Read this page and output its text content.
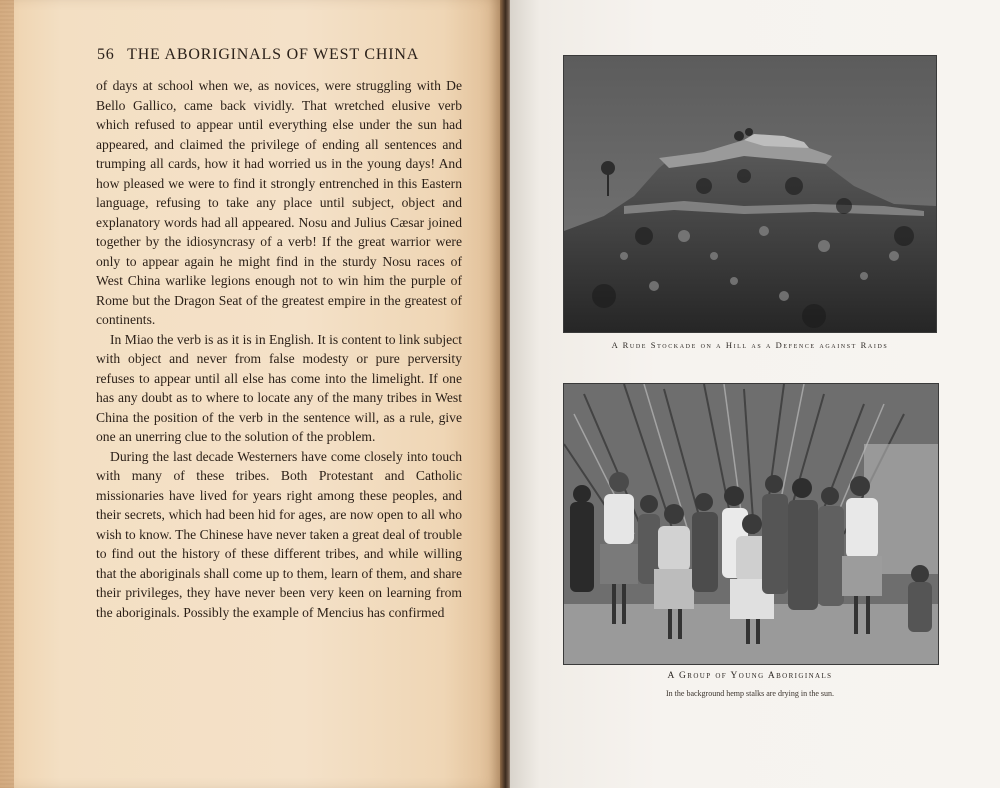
56 THE ABORIGINALS OF WEST CHINA

of days at school when we, as novices, were struggling with De Bello Gallico, came back vividly. That wretched elusive verb which refused to appear until everything else under the sun had appeared, and claimed the privilege of ending all sentences and trumping all cards, how it had worried us in the young days! And how pleased we were to find it strongly entrenched in this Eastern language, refusing to take any place until subject, object and explanatory words had all appeared. Nosu and Julius Cæsar joined together by the idiosyncrasy of a verb! If the great warrior were only to appear again he might find in the sturdy Nosu races of West China warlike legions enough not to win him the purple of Rome but the Dragon Seat of the greatest empire in the greatest of continents.

In Miao the verb is as it is in English. It is content to link subject with object and never from false modesty or pure perversity refuses to appear until all else has come into the limelight. If one has any doubt as to where to locate any of the many tribes in West China the position of the verb in the sentence will, as a rule, give one an unerring clue to the solution of the problem.

During the last decade Westerners have come closely into touch with many of these tribes. Both Protestant and Catholic missionaries have lived for years right among these peoples, and their secrets, which had been hid for ages, are now open to all who wish to know. The Chinese have never taken a great deal of trouble to find out the history of these different tribes, and while willing that the aboriginals shall come up to them, learn of them, and share their privileges, they have never been very keen on learning from the aboriginals. Possibly the example of Mencius has confirmed

A Rude Stockade on a Hill as a Defence against Raids
A Group of Young Aboriginals
In the background hemp stalks are drying in the sun.
